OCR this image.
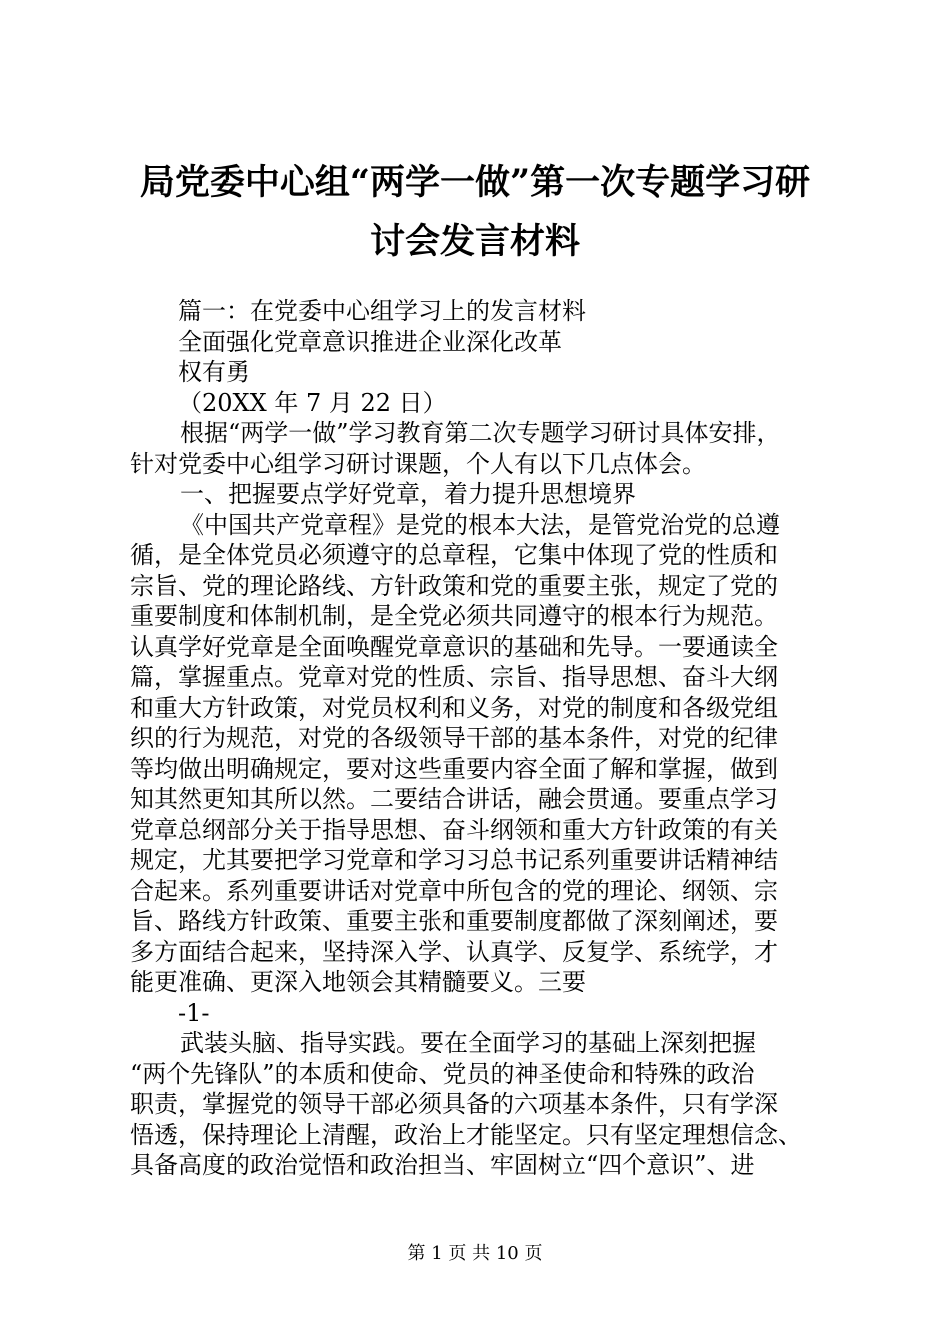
局党委中心组“两学一做”第一次专题学习研
讨会发言材料
篇一：在党委中心组学习上的发言材料
全面强化党章意识推进企业深化改革
权有勇
（20XX 年 7 月 22 日）
根据“两学一做”学习教育第二次专题学习研讨具体安排，
针对党委中心组学习研讨课题，个人有以下几点体会。
一、把握要点学好党章，着力提升思想境界
《中国共产党章程》是党的根本大法，是管党治党的总遵
循，是全体党员必须遵守的总章程，它集中体现了党的性质和
宗旨、党的理论路线、方针政策和党的重要主张，规定了党的
重要制度和体制机制，是全党必须共同遵守的根本行为规范。
认真学好党章是全面唤醒党章意识的基础和先导。一要通读全
篇，掌握重点。党章对党的性质、宗旨、指导思想、奋斗大纲
和重大方针政策，对党员权利和义务，对党的制度和各级党组
织的行为规范，对党的各级领导干部的基本条件，对党的纪律
等均做出明确规定，要对这些重要内容全面了解和掌握，做到
知其然更知其所以然。二要结合讲话，融会贯通。要重点学习
党章总纲部分关于指导思想、奋斗纲领和重大方针政策的有关
规定，尤其要把学习党章和学习习总书记系列重要讲话精神结
合起来。系列重要讲话对党章中所包含的党的理论、纲领、宗
旨、路线方针政策、重要主张和重要制度都做了深刻阐述，要
多方面结合起来，坚持深入学、认真学、反复学、系统学，才
能更准确、更深入地领会其精髓要义。三要
-1-
武装头脑、指导实践。要在全面学习的基础上深刻把握
“两个先锋队”的本质和使命、党员的神圣使命和特殊的政治
职责，掌握党的领导干部必须具备的六项基本条件，只有学深
悟透，保持理论上清醒，政治上才能坚定。只有坚定理想信念、
具备高度的政治觉悟和政治担当、牢固树立“四个意识”、进
第 1 页 共 10 页
